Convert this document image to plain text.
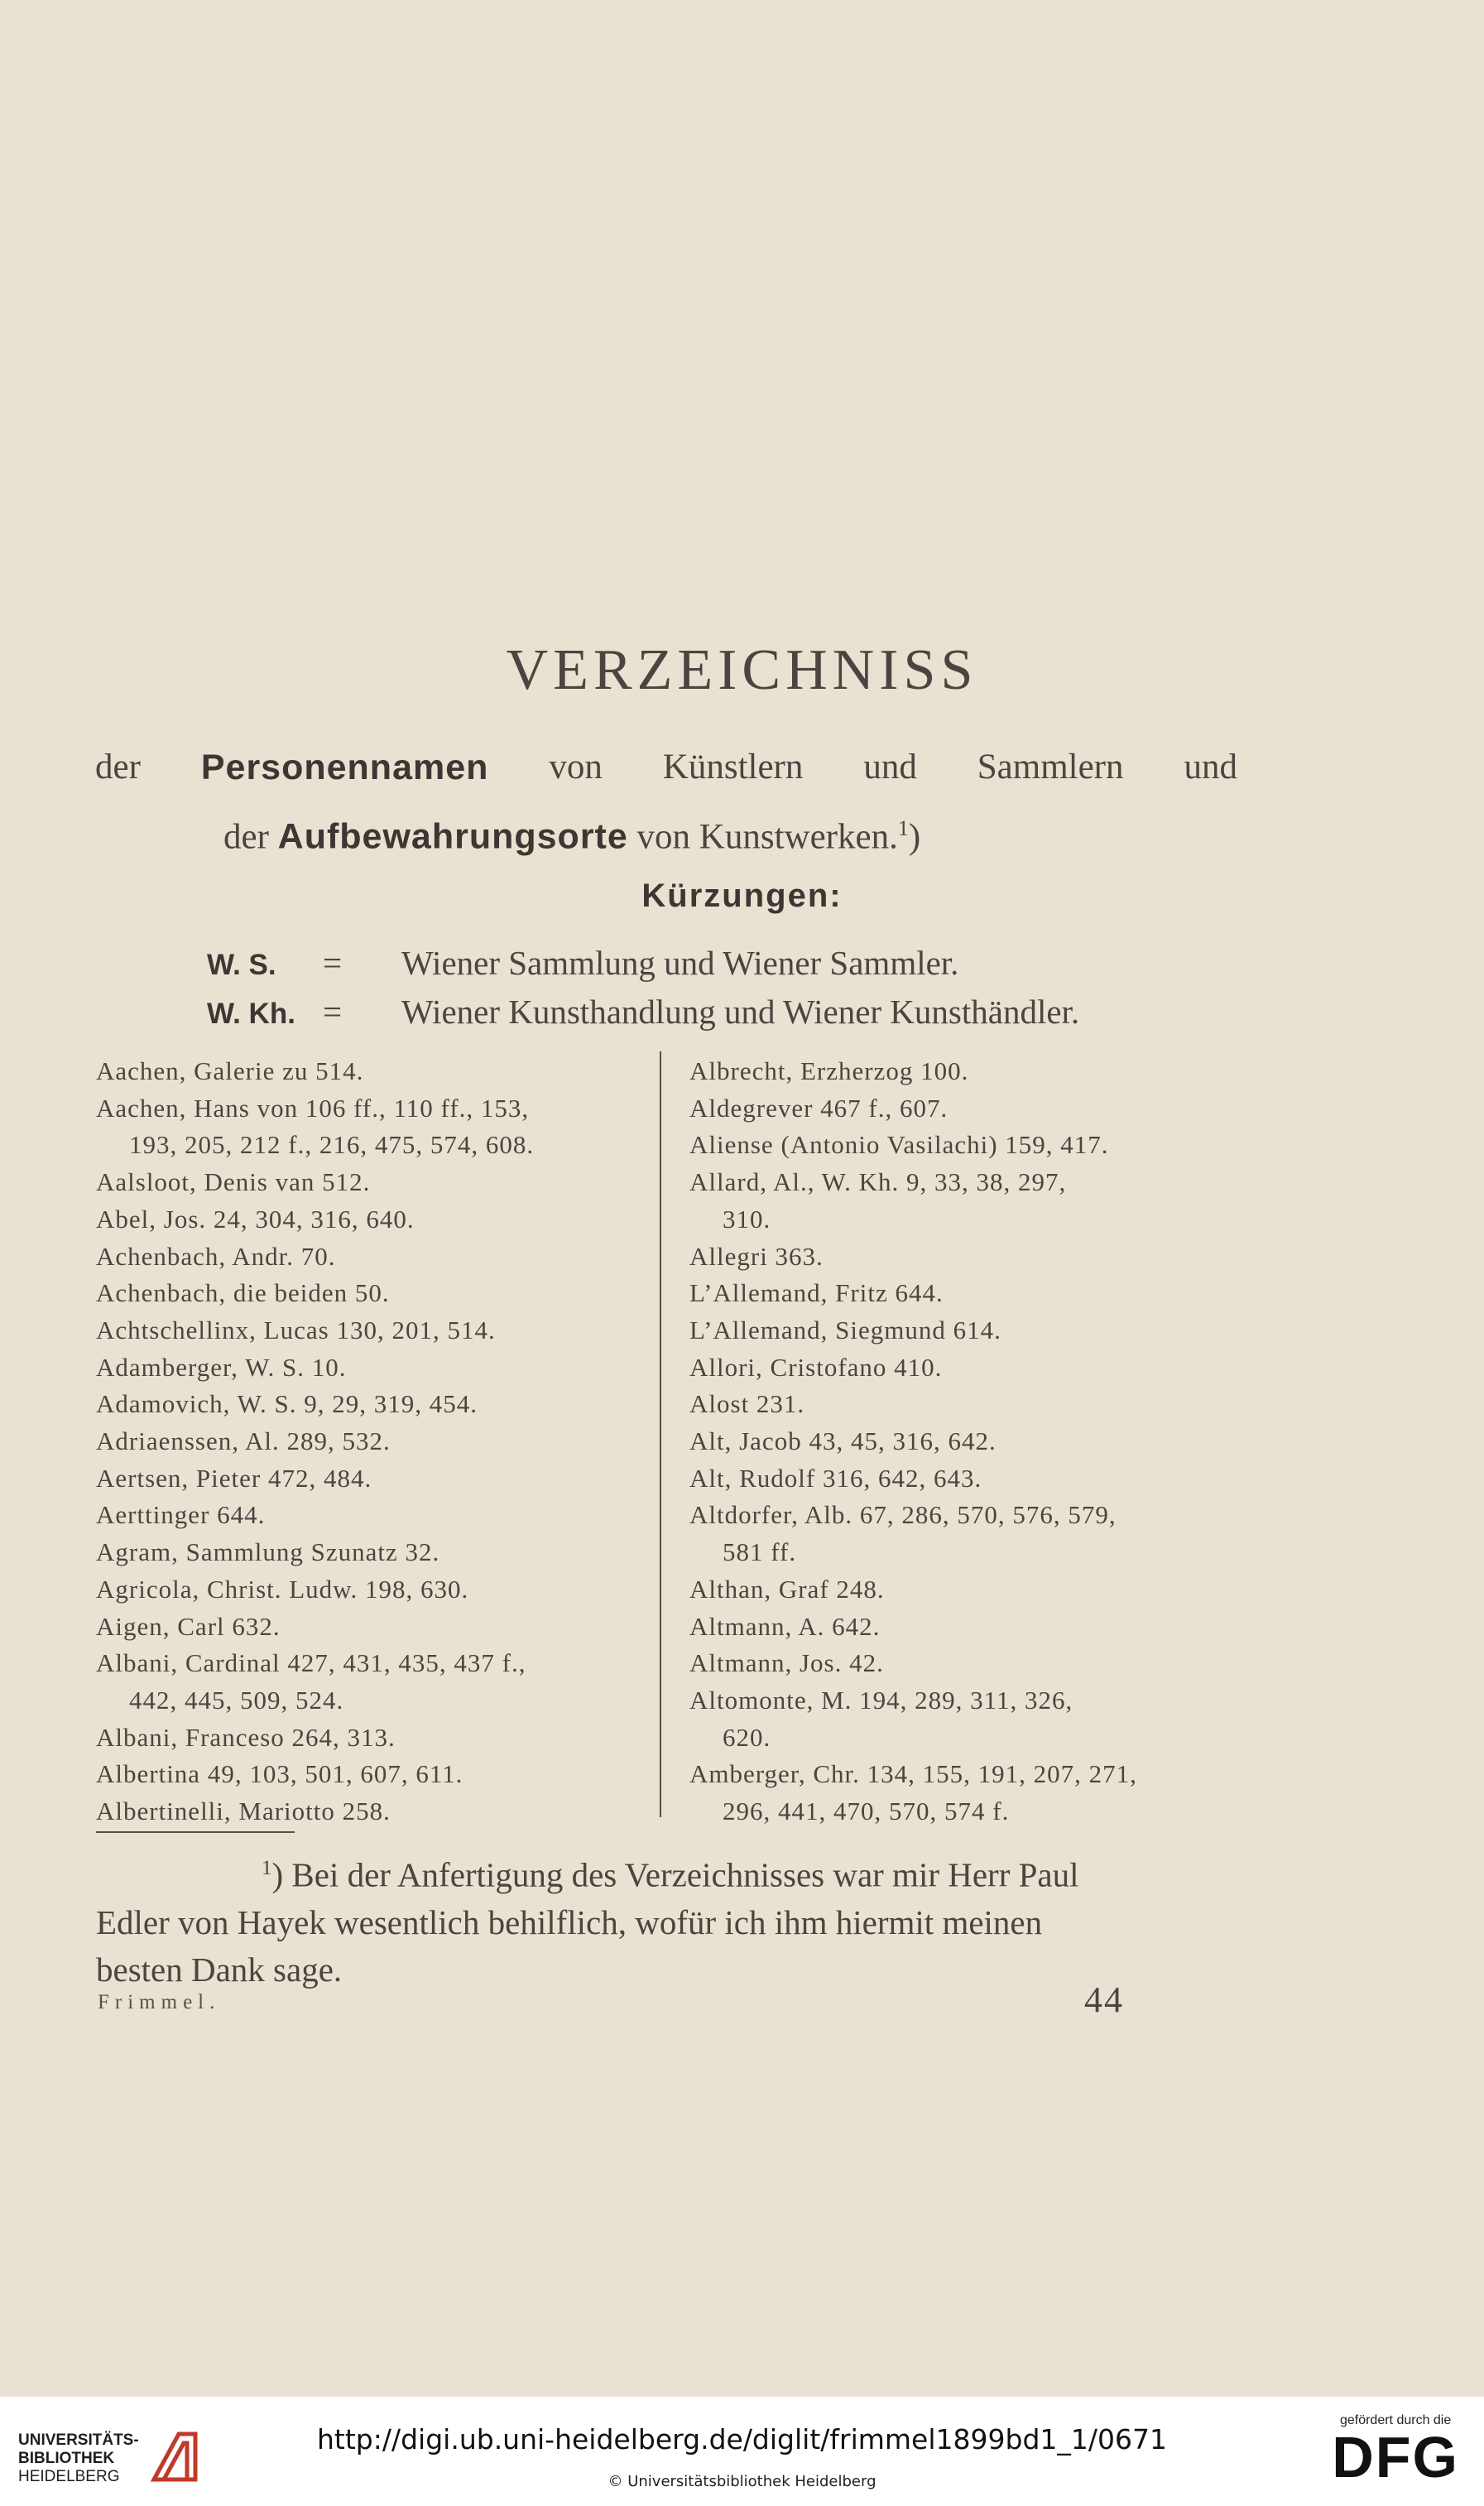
VERZEICHNISS
der Personennamen von Künstlern und Sammlern und
der Aufbewahrungsorte von Kunstwerken.$^1$)
Kürzungen:
W. S. = Wiener Sammlung und Wiener Sammler.
W. Kh. = Wiener Kunsthandlung und Wiener Kunsthändler.
Aachen, Galerie zu 514.
Aachen, Hans von 106 ff., 110 ff., 153,
193, 205, 212 f., 216, 475, 574, 608.
Aalsloot, Denis van 512.
Abel, Jos. 24, 304, 316, 640.
Achenbach, Andr. 70.
Achenbach, die beiden 50.
Achtschellinx, Lucas 130, 201, 514.
Adamberger, W. S. 10.
Adamovich, W. S. 9, 29, 319, 454.
Adriaenssen, Al. 289, 532.
Aertsen, Pieter 472, 484.
Aerttinger 644.
Agram, Sammlung Szunatz 32.
Agricola, Christ. Ludw. 198, 630.
Aigen, Carl 632.
Albani, Cardinal 427, 431, 435, 437 f.,
442, 445, 509, 524.
Albani, Franceso 264, 313.
Albertina 49, 103, 501, 607, 611.
Albertinelli, Mariotto 258.
Albrecht, Erzherzog 100.
Aldegrever 467 f., 607.
Aliense (Antonio Vasilachi) 159, 417.
Allard, Al., W. Kh. 9, 33, 38, 297,
310.
Allegri 363.
L’Allemand, Fritz 644.
L’Allemand, Siegmund 614.
Allori, Cristofano 410.
Alost 231.
Alt, Jacob 43, 45, 316, 642.
Alt, Rudolf 316, 642, 643.
Altdorfer, Alb. 67, 286, 570, 576, 579,
581 ff.
Althan, Graf 248.
Altmann, A. 642.
Altmann, Jos. 42.
Altomonte, M. 194, 289, 311, 326,
620.
Amberger, Chr. 134, 155, 191, 207, 271,
296, 441, 470, 570, 574 f.
$^1$) Bei der Anfertigung des Verzeichnisses war mir Herr Paul
Edler von Hayek wesentlich behilflich, wofür ich ihm hiermit meinen
besten Dank sage.
Frimmel.	44
UNIVERSITÄTS-
BIBLIOTHEK
HEIDELBERG
http://digi.ub.uni-heidelberg.de/diglit/frimmel1899bd1_1/0671
© Universitätsbibliothek Heidelberg
gefördert durch die
DFG
